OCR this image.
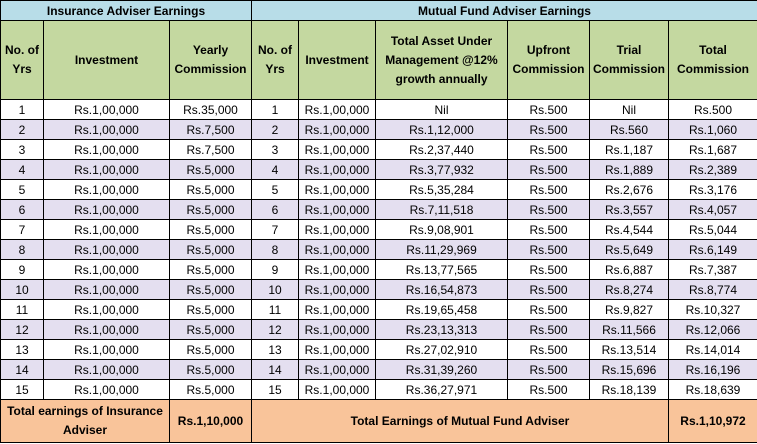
Insurance Adviser Earnings			Mutual Fund Adviser Earnings					
No. of Yrs	Investment	Yearly Commission	No. of Yrs	Investment	Total Asset Under Management @12% growth annually	Upfront Commission	Trial Commission	Total Commission
1	Rs.1,00,000	Rs.35,000	1	Rs.1,00,000	Nil	Rs.500	Nil	Rs.500
2	Rs.1,00,000	Rs.7,500	2	Rs.1,00,000	Rs.1,12,000	Rs.500	Rs.560	Rs.1,060
3	Rs.1,00,000	Rs.7,500	3	Rs.1,00,000	Rs.2,37,440	Rs.500	Rs.1,187	Rs.1,687
4	Rs.1,00,000	Rs.5,000	4	Rs.1,00,000	Rs.3,77,932	Rs.500	Rs.1,889	Rs.2,389
5	Rs.1,00,000	Rs.5,000	5	Rs.1,00,000	Rs.5,35,284	Rs.500	Rs.2,676	Rs.3,176
6	Rs.1,00,000	Rs.5,000	6	Rs.1,00,000	Rs.7,11,518	Rs.500	Rs.3,557	Rs.4,057
7	Rs.1,00,000	Rs.5,000	7	Rs.1,00,000	Rs.9,08,901	Rs.500	Rs.4,544	Rs.5,044
8	Rs.1,00,000	Rs.5,000	8	Rs.1,00,000	Rs.11,29,969	Rs.500	Rs.5,649	Rs.6,149
9	Rs.1,00,000	Rs.5,000	9	Rs.1,00,000	Rs.13,77,565	Rs.500	Rs.6,887	Rs.7,387
10	Rs.1,00,000	Rs.5,000	10	Rs.1,00,000	Rs.16,54,873	Rs.500	Rs.8,274	Rs.8,774
11	Rs.1,00,000	Rs.5,000	11	Rs.1,00,000	Rs.19,65,458	Rs.500	Rs.9,827	Rs.10,327
12	Rs.1,00,000	Rs.5,000	12	Rs.1,00,000	Rs.23,13,313	Rs.500	Rs.11,566	Rs.12,066
13	Rs.1,00,000	Rs.5,000	13	Rs.1,00,000	Rs.27,02,910	Rs.500	Rs.13,514	Rs.14,014
14	Rs.1,00,000	Rs.5,000	14	Rs.1,00,000	Rs.31,39,260	Rs.500	Rs.15,696	Rs.16,196
15	Rs.1,00,000	Rs.5,000	15	Rs.1,00,000	Rs.36,27,971	Rs.500	Rs.18,139	Rs.18,639
Total earnings of Insurance Adviser		Rs.1,10,000	Total Earnings of Mutual Fund Adviser					Rs.1,10,972
